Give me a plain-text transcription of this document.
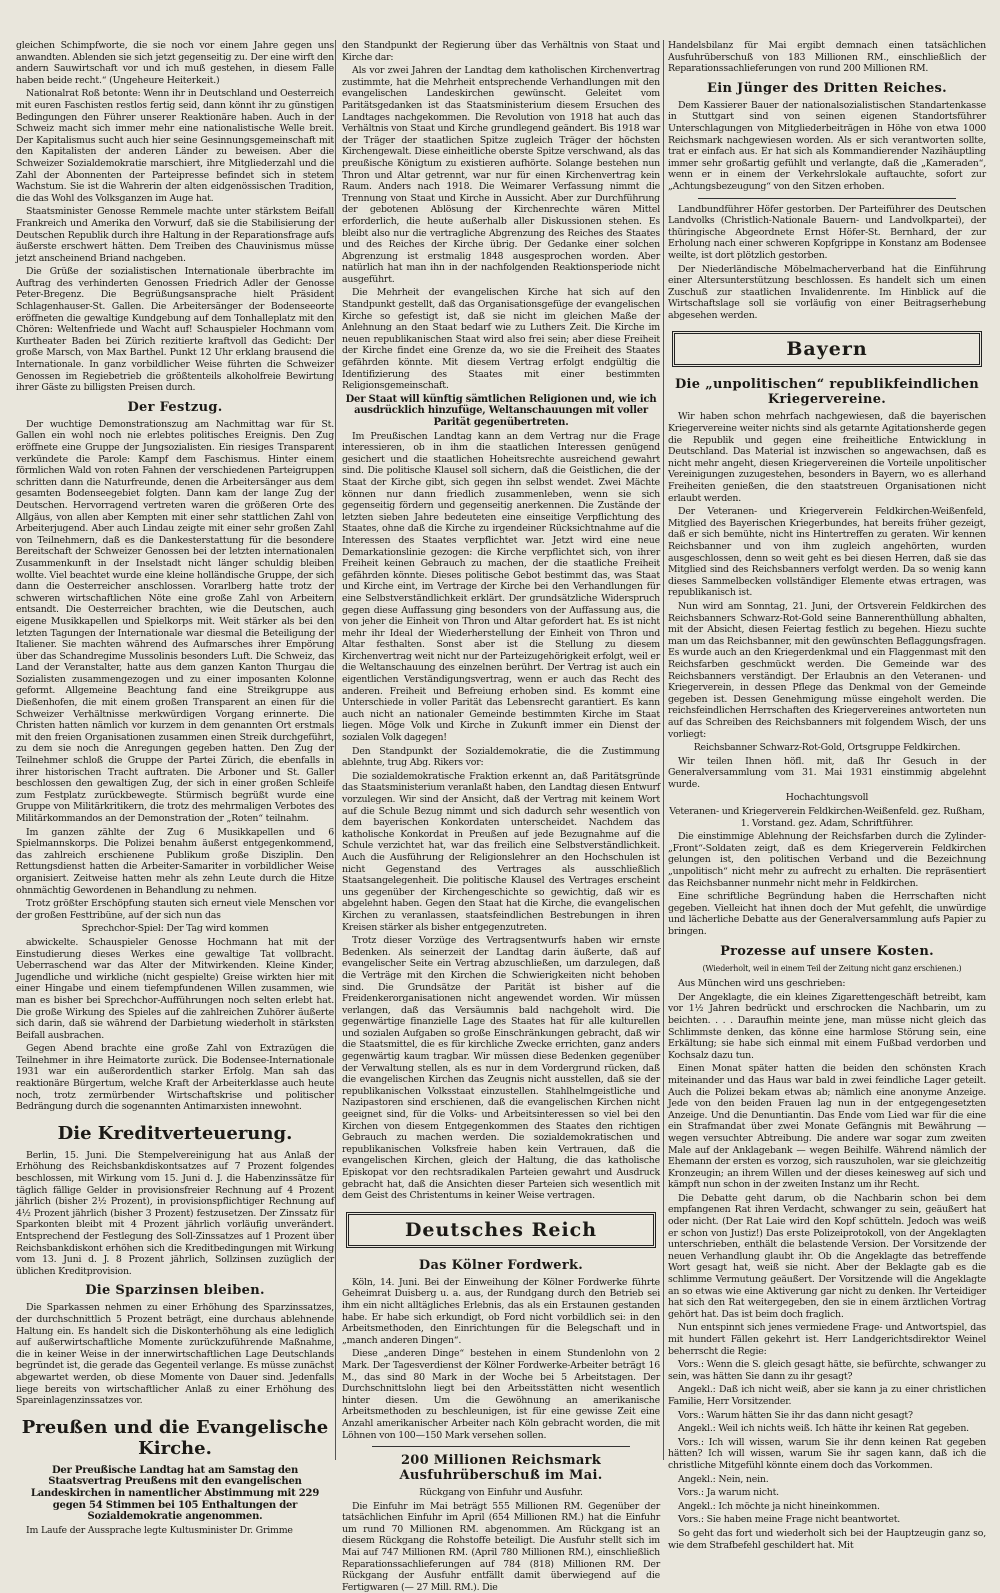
gleichen Schimpfworte, die sie noch vor einem Jahre gegen uns anwandten. Ablenden sie sich jetzt gegenseitig zu. Der eine wirft den andern Sauwirtschaft vor und ich muß gestehen, in diesem Falle haben beide recht.“ (Ungeheure Heiterkeit.)

Nationalrat Roß betonte: Wenn ihr in Deutschland und Oesterreich mit euren Faschisten restlos fertig seid, dann könnt ihr zu günstigen Bedingungen den Führer unserer Reaktionäre haben. Auch in der Schweiz macht sich immer mehr eine nationalistische Welle breit. Der Kapitalismus sucht auch hier seine Gesinnungsgemeinschaft mit den Kapitalisten der anderen Länder zu beweisen. Aber die Schweizer Sozialdemokratie marschiert, ihre Mitgliederzahl und die Zahl der Abonnenten der Parteipresse befindet sich in stetem Wachstum. Sie ist die Wahrerin der alten eidgenössischen Tradition, die das Wohl des Volksganzen im Auge hat.

Staatsminister Genosse Remmele machte unter stärkstem Beifall Frankreich und Amerika den Vorwurf, daß sie die Stabilisierung der Deutschen Republik durch ihre Haltung in der Reparationsfrage aufs äußerste erschwert hätten. Dem Treiben des Chauvinismus müsse jetzt anscheinend Briand nachgeben.

Die Grüße der sozialistischen Internationale überbrachte im Auftrag des verhinderten Genossen Friedrich Adler der Genosse Peter-Bregenz. Die Begrüßungsansprache hielt Präsident Schlagenhauser-St. Gallen. Die Arbeitersänger der Bodenseeorte eröffneten die gewaltige Kundgebung auf dem Tonhalleplatz mit den Chören: Weltenfriede und Wacht auf! Schauspieler Hochmann vom Kurtheater Baden bei Zürich rezitierte kraftvoll das Gedicht: Der große Marsch, von Max Barthel. Punkt 12 Uhr erklang brausend die Internationale. In ganz vorbildlicher Weise führten die Schweizer Genossen im Regiebetrieb die größtenteils alkoholfreie Bewirtung ihrer Gäste zu billigsten Preisen durch.

Der Festzug.

Der wuchtige Demonstrationszug am Nachmittag war für St. Gallen ein wohl noch nie erlebtes politisches Ereignis. Den Zug eröffnete eine Gruppe der Jungsozialisten. Ein riesiges Transparent verkündete die Parole: Kampf dem Faschismus. Hinter einem förmlichen Wald von roten Fahnen der verschiedenen Parteigruppen schritten dann die Naturfreunde, denen die Arbeitersänger aus dem gesamten Bodenseegebiet folgten. Dann kam der lange Zug der Deutschen. Hervorragend vertreten waren die größeren Orte des Allgäus, von allen aber Kempten mit einer sehr stattlichen Zahl von Arbeiterjugend. Aber auch Lindau zeigte mit einer sehr großen Zahl von Teilnehmern, daß es die Dankesterstattung für die besondere Bereitschaft der Schweizer Genossen bei der letzten internationalen Zusammenkunft in der Inselstadt nicht länger schuldig bleiben wollte. Viel beachtet wurde eine kleine holländische Gruppe, der sich dann die Oesterreicher anschlossen. Vorarlberg hatte trotz der schweren wirtschaftlichen Nöte eine große Zahl von Arbeitern entsandt. Die Oesterreicher brachten, wie die Deutschen, auch eigene Musikkapellen und Spielkorps mit. Weit stärker als bei den letzten Tagungen der Internationale war diesmal die Beteiligung der Italiener. Sie machten während des Aufmarsches ihrer Empörung über das Schandregime Mussolinis besonders Luft. Die Schweiz, das Land der Veranstalter, hatte aus dem ganzen Kanton Thurgau die Sozialisten zusammengezogen und zu einer imposanten Kolonne geformt. Allgemeine Beachtung fand eine Streikgruppe aus Dießenhofen, die mit einem großen Transparent an einen für die Schweizer Verhältnisse merkwürdigen Vorgang erinnerte. Die Christen hatten nämlich vor kurzem in dem genannten Ort erstmals mit den freien Organisationen zusammen einen Streik durchgeführt, zu dem sie noch die Anregungen gegeben hatten. Den Zug der Teilnehmer schloß die Gruppe der Partei Zürich, die ebenfalls in ihrer historischen Tracht auftraten. Die Arboner und St. Galler beschlossen den gewaltigen Zug, der sich in einer großen Schleife zum Festplatz zurückbewegte. Stürmisch begrüßt wurde eine Gruppe von Militärkritikern, die trotz des mehrmaligen Verbotes des Militärkommandos an der Demonstration der „Roten“ teilnahm.

Im ganzen zählte der Zug 6 Musikkapellen und 6 Spielmannskorps. Die Polizei benahm äußerst entgegenkommend, das zahlreich erschienene Publikum große Disziplin. Den Rettungsdienst hatten die Arbeiter-Samariter in vorbildlicher Weise organisiert. Zeitweise hatten mehr als zehn Leute durch die Hitze ohnmächtig Gewordenen in Behandlung zu nehmen.

Trotz größter Erschöpfung stauten sich erneut viele Menschen vor der großen Festtribüne, auf der sich nun das

Sprechchor-Spiel: Der Tag wird kommen

abwickelte. Schauspieler Genosse Hochmann hat mit der Einstudierung dieses Werkes eine gewaltige Tat vollbracht. Ueberraschend war das Alter der Mitwirkenden. Kleine Kinder, Jugendliche und wirkliche (nicht gespielte) Greise wirkten hier mit einer Hingabe und einem tiefempfundenen Willen zusammen, wie man es bisher bei Sprechchor-Aufführungen noch selten erlebt hat. Die große Wirkung des Spieles auf die zahlreichen Zuhörer äußerte sich darin, daß sie während der Darbietung wiederholt in stärksten Beifall ausbrachen.

Gegen Abend brachte eine große Zahl von Extrazügen die Teilnehmer in ihre Heimatorte zurück. Die Bodensee-Internationale 1931 war ein außerordentlich starker Erfolg. Man sah das reaktionäre Bürgertum, welche Kraft der Arbeiterklasse auch heute noch, trotz zermürbender Wirtschaftskrise und politischer Bedrängung durch die sogenannten Antimarxisten innewohnt.

Die Kreditverteuerung.

Berlin, 15. Juni. Die Stempelvereinigung hat aus Anlaß der Erhöhung des Reichsbankdiskontsatzes auf 7 Prozent folgendes beschlossen, mit Wirkung vom 15. Juni d. J. die Habenzinssätze für täglich fällige Gelder in provisionsfreier Rechnung auf 4 Prozent jährlich (bisher 2½ Prozent), in provisionspflichtiger Rechnung auf 4½ Prozent jährlich (bisher 3 Prozent) festzusetzen. Der Zinssatz für Sparkonten bleibt mit 4 Prozent jährlich vorläufig unverändert. Entsprechend der Festlegung des Soll-Zinssatzes auf 1 Prozent über Reichsbankdiskont erhöhen sich die Kreditbedingungen mit Wirkung vom 13. Juni d. J. 8 Prozent jährlich, Sollzinsen zuzüglich der üblichen Kreditprovision.

Die Sparzinsen bleiben.

Die Sparkassen nehmen zu einer Erhöhung des Sparzinssatzes, der durchschnittlich 5 Prozent beträgt, eine durchaus ablehnende Haltung ein. Es handelt sich die Diskonterhöhung als eine lediglich auf außerwirtschaftliche Momente zurückzuführende Maßnahme, die in keiner Weise in der innerwirtschaftlichen Lage Deutschlands begründet ist, die gerade das Gegenteil verlange. Es müsse zunächst abgewartet werden, ob diese Momente von Dauer sind. Jedenfalls liege bereits von wirtschaftlicher Anlaß zu einer Erhöhung des Spareinlagenzinssatzes vor.

Preußen und die Evangelische Kirche.

Der Preußische Landtag hat am Samstag den Staatsvertrag Preußens mit den evangelischen Landeskirchen in namentlicher Abstimmung mit 229 gegen 54 Stimmen bei 105 Enthaltungen der Sozialdemokratie angenommen.

Im Laufe der Aussprache legte Kultusminister Dr. Grimme

den Standpunkt der Regierung über das Verhältnis von Staat und Kirche dar:

Als vor zwei Jahren der Landtag dem katholischen Kirchenvertrag zustimmte, hat die Mehrheit entsprechende Verhandlungen mit den evangelischen Landeskirchen gewünscht. Geleitet vom Paritätsgedanken ist das Staatsministerium diesem Ersuchen des Landtages nachgekommen. Die Revolution von 1918 hat auch das Verhältnis von Staat und Kirche grundlegend geändert. Bis 1918 war der Träger der staatlichen Spitze zugleich Träger der höchsten Kirchengewalt. Diese einheitliche oberste Spitze verschwand, als das preußische Königtum zu existieren aufhörte. Solange bestehen nun Thron und Altar getrennt, war nur für einen Kirchenvertrag kein Raum. Anders nach 1918. Die Weimarer Verfassung nimmt die Trennung von Staat und Kirche in Aussicht. Aber zur Durchführung der gebotenen Ablösung der Kirchenrechte wären Mittel erforderlich, die heute außerhalb aller Diskussionen stehen. Es bleibt also nur die vertragliche Abgrenzung des Reiches des Staates und des Reiches der Kirche übrig. Der Gedanke einer solchen Abgrenzung ist erstmalig 1848 ausgesprochen worden. Aber natürlich hat man ihn in der nachfolgenden Reaktionsperiode nicht ausgeführt.

Die Mehrheit der evangelischen Kirche hat sich auf den Standpunkt gestellt, daß das Organisationsgefüge der evangelischen Kirche so gefestigt ist, daß sie nicht im gleichen Maße der Anlehnung an den Staat bedarf wie zu Luthers Zeit. Die Kirche im neuen republikanischen Staat wird also frei sein; aber diese Freiheit der Kirche findet eine Grenze da, wo sie die Freiheit des Staates gefährden könnte. Mit diesem Vertrag erfolgt endgültig die Identifizierung des Staates mit einer bestimmten Religionsgemeinschaft.

Der Staat will künftig sämtlichen Religionen und, wie ich ausdrücklich hinzufüge, Weltanschauungen mit voller Parität gegenübertreten.

Im Preußischen Landtag kann an dem Vertrag nur die Frage interessieren, ob in ihm die staatlichen Interessen genügend gesichert und die staatlichen Hoheitsrechte ausreichend gewahrt sind. Die politische Klausel soll sichern, daß die Geistlichen, die der Staat der Kirche gibt, sich gegen ihn selbst wendet. Zwei Mächte können nur dann friedlich zusammenleben, wenn sie sich gegenseitig fördern und gegenseitig anerkennen. Die Zustände der letzten sieben Jahre bedeuteten eine einseitige Verpflichtung des Staates, ohne daß die Kirche zu irgendeiner Rücksichtnahme auf die Interessen des Staates verpflichtet war. Jetzt wird eine neue Demarkationslinie gezogen: die Kirche verpflichtet sich, von ihrer Freiheit keinen Gebrauch zu machen, der die staatliche Freiheit gefährden könnte. Dieses politische Gebot bestimmt das, was Staat und Kirche eint, im Vertrage der Kirche bei den Verhandlungen für eine Selbstverständlichkeit erklärt. Der grundsätzliche Widerspruch gegen diese Auffassung ging besonders von der Auffassung aus, die von jeher die Einheit von Thron und Altar gefordert hat. Es ist nicht mehr ihr Ideal der Wiederherstellung der Einheit von Thron und Altar festhalten. Sonst aber ist die Stellung zu diesem Kirchenvertrag weit nicht nur der Parteizugehörigkeit erfolgt, weil er die Weltanschauung des einzelnen berührt. Der Vertrag ist auch ein eigentlichen Verständigungsvertrag, wenn er auch das Recht des anderen. Freiheit und Befreiung erhoben sind. Es kommt eine Unterschiede in voller Parität das Lebensrecht garantiert. Es kann auch nicht an nationaler Gemeinde bestimmten Kirche im Staat liegen. Möge Volk und Kirche in Zukunft immer ein Dienst der sozialen Volk dagegen!

Den Standpunkt der Sozialdemokratie, die die Zustimmung ablehnte, trug Abg. Rikers vor:

Die sozialdemokratische Fraktion erkennt an, daß Paritätsgründe das Staatsministerium veranlaßt haben, den Landtag diesen Entwurf vorzulegen. Wir sind der Ansicht, daß der Vertrag mit keinem Wort auf die Schule Bezug nimmt und sich dadurch sehr wesentlich von dem bayerischen Konkordaten unterscheidet. Nachdem das katholische Konkordat in Preußen auf jede Bezugnahme auf die Schule verzichtet hat, war das freilich eine Selbstverständlichkeit. Auch die Ausführung der Religionslehrer an den Hochschulen ist nicht Gegenstand des Vertrages als ausschließlich Staatsangelegenheit. Die politische Klausel des Vertrages erscheint uns gegenüber der Kirchengeschichte so gewichtig, daß wir es abgelehnt haben. Gegen den Staat hat die Kirche, die evangelischen Kirchen zu veranlassen, staatsfeindlichen Bestrebungen in ihren Kreisen stärker als bisher entgegenzutreten.

Trotz dieser Vorzüge des Vertragsentwurfs haben wir ernste Bedenken. Als seinerzeit der Landtag darin äußerte, daß auf evangelischer Seite ein Vertrag abzuschließen, um darzulegen, daß die Verträge mit den Kirchen die Schwierigkeiten nicht behoben sind. Die Grundsätze der Parität ist bisher auf die Freidenkerorganisationen nicht angewendet worden. Wir müssen verlangen, daß das Versäumnis bald nachgeholt wird. Die gegenwärtige finanzielle Lage des Staates hat für alle kulturellen und sozialen Aufgaben so große Einschränkungen gebracht, daß wir die Staatsmittel, die es für kirchliche Zwecke errichten, ganz anders gegenwärtig kaum tragbar. Wir müssen diese Bedenken gegenüber der Verwaltung stellen, als es nur in dem Vordergrund rücken, daß die evangelischen Kirchen das Zeugnis nicht ausstellen, daß sie der republikanischen Volksstaat einzustellen. Stahlhelmgeistliche und Nazipastoren sind erschienen, daß die evangelischen Kirchen nicht geeignet sind, für die Volks- und Arbeitsinteressen so viel bei den Kirchen von diesem Entgegenkommen des Staates den richtigen Gebrauch zu machen werden. Die sozialdemokratischen und republikanischen Volksfreie haben kein Vertrauen, daß die evangelischen Kirchen, gleich der Haltung, die das katholische Episkopat vor den rechtsradikalen Parteien gewahrt und Ausdruck gebracht hat, daß die Ansichten dieser Parteien sich wesentlich mit dem Geist des Christentums in keiner Weise vertragen.

Deutsches Reich
Das Kölner Fordwerk.

Köln, 14. Juni. Bei der Einweihung der Kölner Fordwerke führte Geheimrat Duisberg u. a. aus, der Rundgang durch den Betrieb sei ihm ein nicht alltägliches Erlebnis, das als ein Erstaunen gestanden habe. Er habe sich erkundigt, ob Ford nicht vorbildlich sei: in den Arbeitsmethoden, den Einrichtungen für die Belegschaft und in „manch anderen Dingen“.

Diese „anderen Dinge“ bestehen in einem Stundenlohn von 2 Mark. Der Tagesverdienst der Kölner Fordwerke-Arbeiter beträgt 16 M., das sind 80 Mark in der Woche bei 5 Arbeitstagen. Der Durchschnittslohn liegt bei den Arbeitsstätten nicht wesentlich hinter diesen. Um die Gewöhnung an amerikanische Arbeitsmethoden zu beschleunigen, ist für eine gewisse Zeit eine Anzahl amerikanischer Arbeiter nach Köln gebracht worden, die mit Löhnen von 100—150 Mark versehen sollen.

200 Millionen Reichsmark Ausfuhrüberschuß im Mai.

Rückgang von Einfuhr und Ausfuhr.

Die Einfuhr im Mai beträgt 555 Millionen RM. Gegenüber der tatsächlichen Einfuhr im April (654 Millionen RM.) hat die Einfuhr um rund 70 Millionen RM. abgenommen. Am Rückgang ist an diesem Rückgang die Rohstoffe beteiligt. Die Ausfuhr stellt sich im Mai auf 747 Millionen RM. (April 780 Millionen RM.), einschließlich Reparationssachlieferungen auf 784 (818) Millionen RM. Der Rückgang der Ausfuhr entfällt damit überwiegend auf die Fertigwaren (— 27 Mill. RM.). Die

Handelsbilanz für Mai ergibt demnach einen tatsächlichen Ausfuhrüberschuß von 183 Millionen RM., einschließlich der Reparationssachlieferungen von rund 200 Millionen RM.

Ein Jünger des Dritten Reiches.

Dem Kassierer Bauer der nationalsozialistischen Standartenkasse in Stuttgart sind von seinen eigenen Standortsführer Unterschlagungen von Mitgliederbeiträgen in Höhe von etwa 1000 Reichsmark nachgewiesen worden. Als er sich verantworten sollte, trat er einfach aus. Er hat sich als Kommandierender Nazihäuptling immer sehr großartig gefühlt und verlangte, daß die „Kameraden“, wenn er in einem der Verkehrslokale auftauchte, sofort zur „Achtungsbezeugung“ von den Sitzen erhoben.

Landbundführer Höfer gestorben. Der Parteiführer des Deutschen Landvolks (Christlich-Nationale Bauern- und Landvolkpartei), der thüringische Abgeordnete Ernst Höfer-St. Bernhard, der zur Erholung nach einer schweren Kopfgrippe in Konstanz am Bodensee weilte, ist dort plötzlich gestorben.

Der Niederländische Möbelmacherverband hat die Einführung einer Altersunterstützung beschlossen. Es handelt sich um einen Zuschuß zur staatlichen Invalidenrente. Im Hinblick auf die Wirtschaftslage soll sie vorläufig von einer Beitragserhebung abgesehen werden.

Bayern
Die „unpolitischen“ republikfeindlichen Kriegervereine.

Wir haben schon mehrfach nachgewiesen, daß die bayerischen Kriegervereine weiter nichts sind als getarnte Agitationsherde gegen die Republik und gegen eine freiheitliche Entwicklung in Deutschland. Das Material ist inzwischen so angewachsen, daß es nicht mehr angeht, diesen Kriegervereinen die Vorteile unpolitischer Vereinigungen zuzugestehen, besonders in Bayern, wo es allerhand Freiheiten genießen, die den staatstreuen Organisationen nicht erlaubt werden.

Der Veteranen- und Kriegerverein Feldkirchen-Weißenfeld, Mitglied des Bayerischen Kriegerbundes, hat bereits früher gezeigt, daß er sich bemühte, nicht ins Hintertreffen zu geraten. Wir kennen Reichsbanner und von ihm zugleich angehörten, wurden ausgeschlossen, denn so weit geht es bei diesen Herren, daß sie das Mitglied sind des Reichsbanners verfolgt werden. Da so wenig kann dieses Sammelbecken vollständiger Elemente etwas ertragen, was republikanisch ist.

Nun wird am Sonntag, 21. Juni, der Ortsverein Feldkirchen des Reichsbanners Schwarz-Rot-Gold seine Bannerenthüllung abhalten, mit der Absicht, diesen Feiertag festlich zu begehen. Hiezu suchte man um das Reichsbanner, mit den gewünschten Beflaggungsfragen. Es wurde auch an den Kriegerdenkmal und ein Flaggenmast mit den Reichsfarben geschmückt werden. Die Gemeinde war des Reichsbanners verständigt. Der Erlaubnis an den Veteranen- und Kriegerverein, in dessen Pflege das Denkmal von der Gemeinde gegeben ist. Dessen Genehmigung müsse eingeholt werden. Die reichsfeindlichen Herrschaften des Kriegervereines antworteten nun auf das Schreiben des Reichsbanners mit folgendem Wisch, der uns vorliegt:

Reichsbanner Schwarz-Rot-Gold, Ortsgruppe Feldkirchen.

Wir teilen Ihnen höfl. mit, daß Ihr Gesuch in der Generalversammlung vom 31. Mai 1931 einstimmig abgelehnt wurde.

Hochachtungsvoll

Veteranen- und Kriegerverein Feldkirchen-Weißenfeld. gez. Rußham, 1. Vorstand. gez. Adam, Schriftführer.

Die einstimmige Ablehnung der Reichsfarben durch die Zylinder-„Front“-Soldaten zeigt, daß es dem Kriegerverein Feldkirchen gelungen ist, den politischen Verband und die Bezeichnung „unpolitisch“ nicht mehr zu aufrecht zu erhalten. Die repräsentiert das Reichsbanner nunmehr nicht mehr in Feldkirchen.

Eine schriftliche Begründung haben die Herrschaften nicht gegeben. Vielleicht hat ihnen doch der Mut gefehlt, die unwürdige und lächerliche Debatte aus der Generalversammlung aufs Papier zu bringen.

Prozesse auf unsere Kosten.

(Wiederholt, weil in einem Teil der Zeitung nicht ganz erschienen.)

Aus München wird uns geschrieben:

Der Angeklagte, die ein kleines Zigarettengeschäft betreibt, kam vor 1½ Jahren bedrückt und erschrocken die Nachbarin, um zu beichten. . . . Daraufhin meinte jene, man müsse nicht gleich das Schlimmste denken, das könne eine harmlose Störung sein, eine Erkältung; sie habe sich einmal mit einem Fußbad verdorben und Kochsalz dazu tun.

Einen Monat später hatten die beiden den schönsten Krach miteinander und das Haus war bald in zwei feindliche Lager geteilt. Auch die Polizei bekam etwas ab; nämlich eine anonyme Anzeige. Jede von den beiden Frauen lag nun in der entgegengesetzten Anzeige. Und die Denuntiantin. Das Ende vom Lied war für die eine ein Strafmandat über zwei Monate Gefängnis mit Bewährung — wegen versuchter Abtreibung. Die andere war sogar zum zweiten Male auf der Anklagebank — wegen Beihilfe. Während nämlich der Ehemann der ersten es vorzog, sich rauszuholen, war sie gleichzeitig Kronzeugin; an ihrem Willen und der dieses keinesweg auf sich und kämpft nun schon in der zweiten Instanz um ihr Recht.

Die Debatte geht darum, ob die Nachbarin schon bei dem empfangenen Rat ihren Verdacht, schwanger zu sein, geäußert hat oder nicht. (Der Rat Laie wird den Kopf schütteln. Jedoch was weiß er schon von Justiz!) Das erste Polizeiprotokoll, von der Angeklagten unterschrieben, enthält die belastende Version. Der Vorsitzende der neuen Verhandlung glaubt ihr. Ob die Angeklagte das betreffende Wort gesagt hat, weiß sie nicht. Aber der Beklagte gab es die schlimme Vermutung geäußert. Der Vorsitzende will die Angeklagte an so etwas wie eine Aktiverung gar nicht zu denken. Ihr Verteidiger hat sich den Rat weitergegeben, den sie in einem ärztlichen Vortrag gehört hat. Das ist beim doch fraglich.

Nun entspinnt sich jenes vermiedene Frage- und Antwortspiel, das mit hundert Fällen gekehrt ist. Herr Landgerichtsdirektor Weinel beherrscht die Regie:

Vors.: Wenn die S. gleich gesagt hätte, sie befürchte, schwanger zu sein, was hätten Sie dann zu ihr gesagt?

Angekl.: Daß ich nicht weiß, aber sie kann ja zu einer christlichen Familie, Herr Vorsitzender.

Vors.: Warum hätten Sie ihr das dann nicht gesagt?

Angekl.: Weil ich nichts weiß. Ich hätte ihr keinen Rat gegeben.

Vors.: Ich will wissen, warum Sie ihr denn keinen Rat gegeben hätten? Ich will wissen, warum Sie ihr sagen kann, daß ich die christliche Mitgefühl könnte einem doch das Vorkommen.

Angekl.: Nein, nein.

Vors.: Ja warum nicht.

Angekl.: Ich möchte ja nicht hineinkommen.

Vors.: Sie haben meine Frage nicht beantwortet.

So geht das fort und wiederholt sich bei der Hauptzeugin ganz so, wie dem Strafbefehl geschildert hat. Mit
